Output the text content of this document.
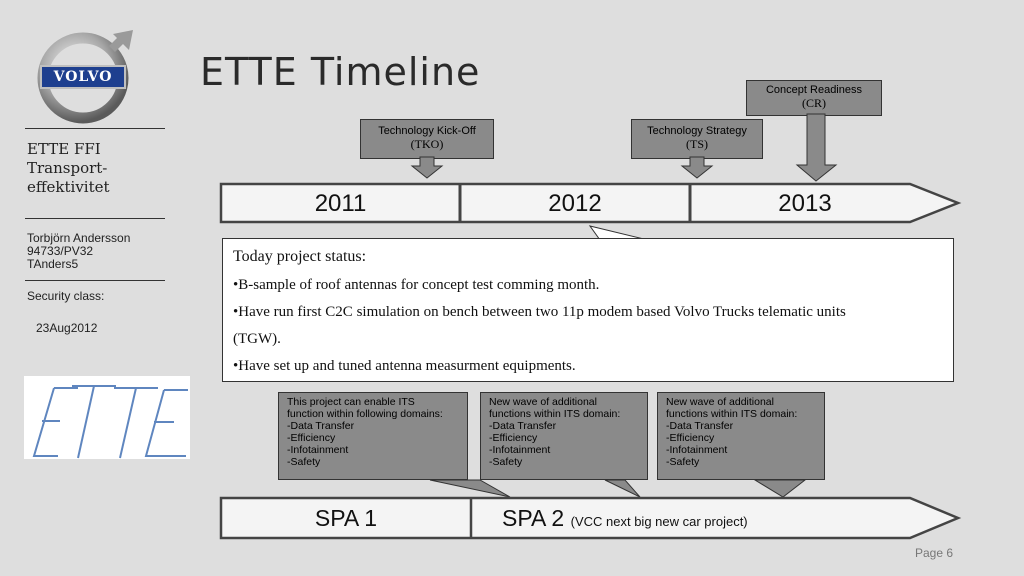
VOLVO	ETTE Timeline
ETTE FFI
Transport-
effektivitet
Torbjörn Andersson
94733/PV32
TAnders5
Security class:
23Aug2012
Technology Kick-Off
(TKO)
Technology Strategy
(TS)
Concept Readiness
(CR)
2011	2012	2013
Today project status:
•B-sample of roof antennas for concept test comming month.
•Have run first C2C simulation on bench between two 11p modem based Volvo Trucks telematic units
(TGW).
•Have set up and tuned antenna measurment equipments.
This project can enable ITS
function within following domains:
-Data Transfer
-Efficiency
-Infotainment
-Safety
New wave of additional
functions within ITS domain:
-Data Transfer
-Efficiency
-Infotainment
-Safety
New wave of additional
functions within ITS domain:
-Data Transfer
-Efficiency
-Infotainment
-Safety
SPA 1	SPA 2 (VCC next big new car project)
Page 6
